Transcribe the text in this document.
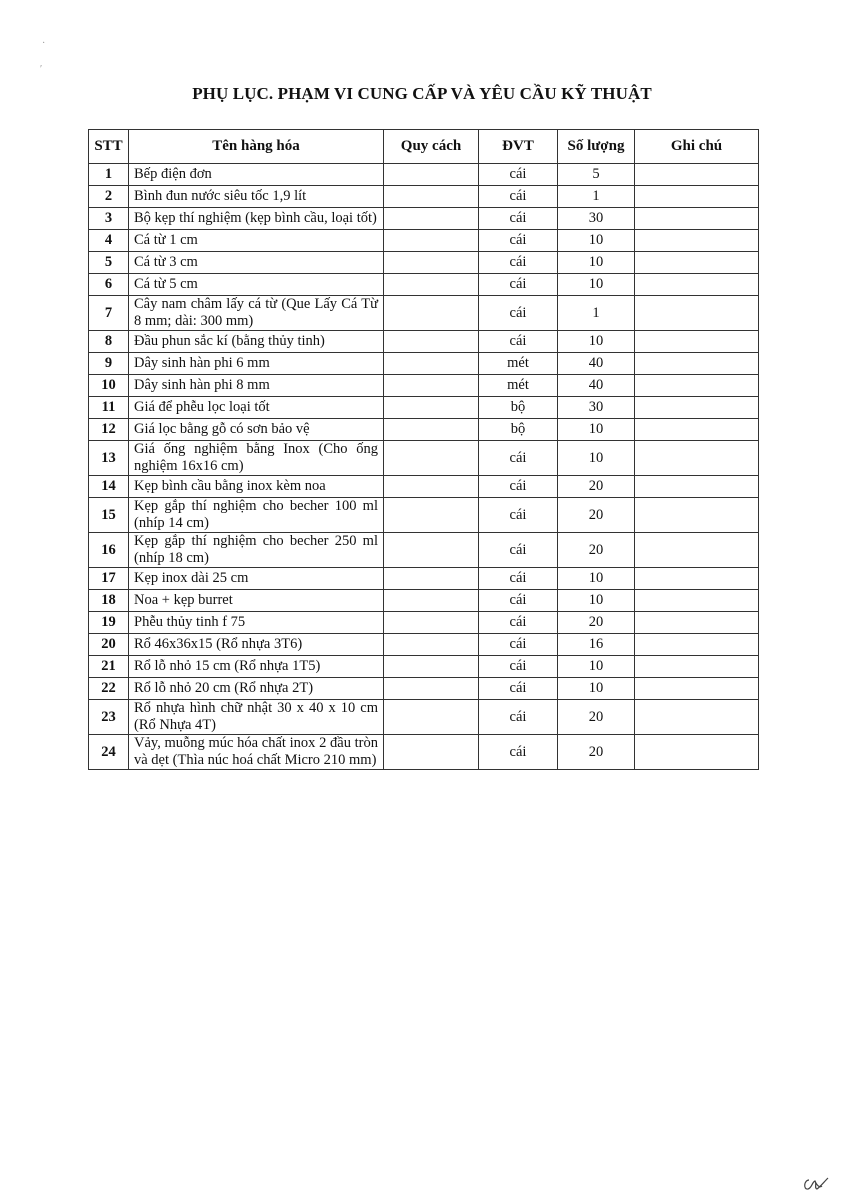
PHỤ LỤC. PHẠM VI CUNG CẤP VÀ YÊU CẦU KỸ THUẬT
STT	Tên hàng hóa	Quy cách	ĐVT	Số lượng	Ghi chú
1	Bếp điện đơn		cái	5	
2	Bình đun nước siêu tốc 1,9 lít		cái	1	
3	Bộ kẹp thí nghiệm (kẹp bình cầu, loại tốt)		cái	30	
4	Cá từ 1 cm		cái	10	
5	Cá từ 3 cm		cái	10	
6	Cá từ 5 cm		cái	10	
7	Cây nam châm lấy cá từ (Que Lấy Cá Từ 8 mm; dài: 300 mm)		cái	1	
8	Đầu phun sắc kí (bằng thủy tinh)		cái	10	
9	Dây sinh hàn phi 6 mm		mét	40	
10	Dây sinh hàn phi 8 mm		mét	40	
11	Giá để phễu lọc loại tốt		bộ	30	
12	Giá lọc bằng gỗ có sơn bảo vệ		bộ	10	
13	Giá ống nghiệm bằng Inox (Cho ống nghiệm 16x16 cm)		cái	10	
14	Kẹp bình cầu bằng inox kèm noa		cái	20	
15	Kẹp gắp thí nghiệm cho becher 100 ml (nhíp 14 cm)		cái	20	
16	Kẹp gắp thí nghiệm cho becher 250 ml (nhíp 18 cm)		cái	20	
17	Kẹp inox dài 25 cm		cái	10	
18	Noa + kẹp burret		cái	10	
19	Phễu thủy tinh f 75		cái	20	
20	Rổ 46x36x15 (Rổ nhựa 3T6)		cái	16	
21	Rổ lỗ nhỏ 15 cm (Rổ nhựa 1T5)		cái	10	
22	Rổ lỗ nhỏ 20 cm (Rổ nhựa 2T)		cái	10	
23	Rổ nhựa hình chữ nhật 30 x 40 x 10 cm (Rổ Nhựa 4T)		cái	20	
24	Vảy, muỗng múc hóa chất inox 2 đầu tròn và dẹt (Thìa núc hoá chất Micro 210 mm)		cái	20	
·
ʹ
